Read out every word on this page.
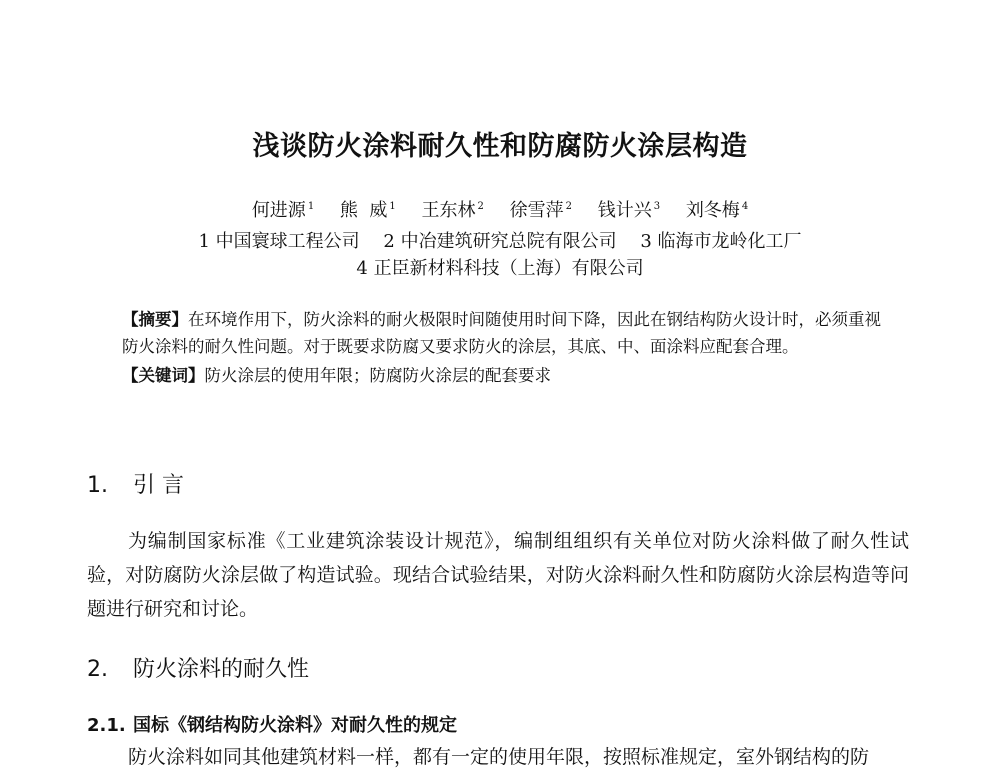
浅谈防火涂料耐久性和防腐防火涂层构造
何进源 $^1$ 熊  威 $^1$ 王东林 $^2$ 徐雪萍 $^2$ 钱计兴 $^3$ 刘冬梅 $^4$
1 中国寰球工程公司 2 中冶建筑研究总院有限公司 3 临海市龙岭化工厂
4 正臣新材料科技（上海）有限公司

【摘要】在环境作用下，防火涂料的耐火极限时间随使用时间下降，因此在钢结构防火设计时，必须重视防火涂料的耐久性问题。对于既要求防腐又要求防火的涂层，其底、中、面涂料应配套合理。

【关键词】防火涂层的使用年限；防腐防火涂层的配套要求

1. 引 言

为编制国家标准《工业建筑涂装设计规范》，编制组组织有关单位对防火涂料做了耐久性试验，对防腐防火涂层做了构造试验。现结合试验结果，对防火涂料耐久性和防腐防火涂层构造等问题进行研究和讨论。

2. 防火涂料的耐久性
2.1. 国标《钢结构防火涂料》对耐久性的规定
防火涂料如同其他建筑材料一样，都有一定的使用年限，按照标准规定，室外钢结构的防
